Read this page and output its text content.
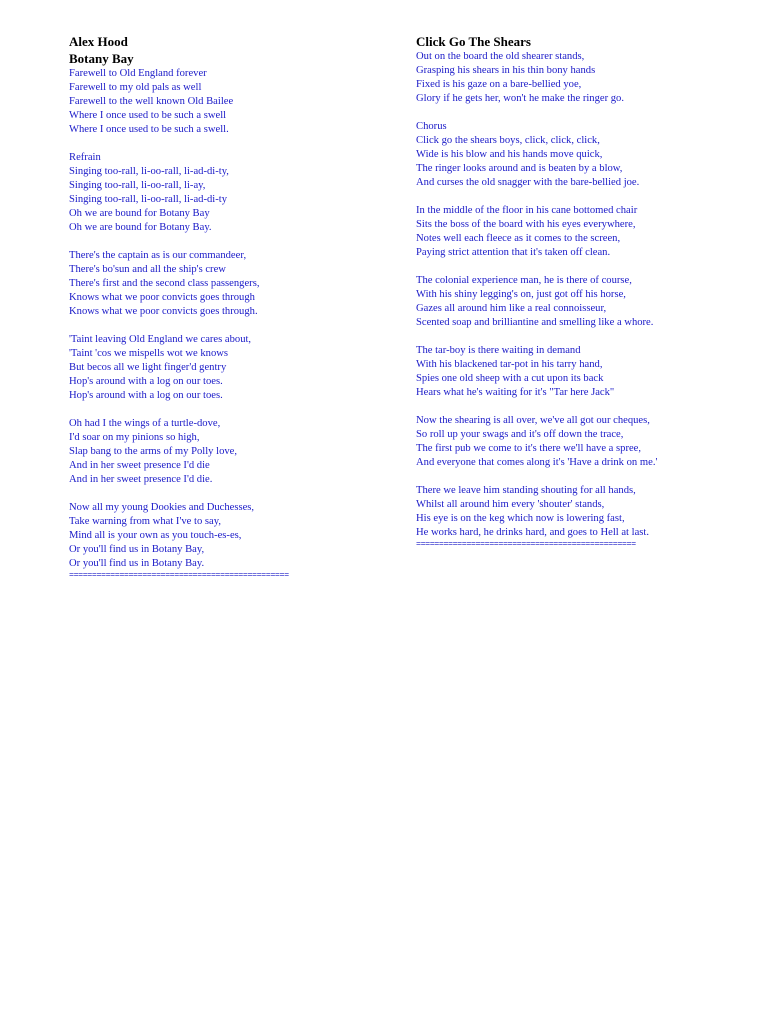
Alex Hood
Botany Bay
Farewell to Old England forever
Farewell to my old pals as well
Farewell to the well known Old Bailee
Where I once used to be such a swell
Where I once used to be such a swell.
Refrain
Singing too-rall, li-oo-rall, li-ad-di-ty,
Singing too-rall, li-oo-rall, li-ay,
Singing too-rall, li-oo-rall, li-ad-di-ty
Oh we are bound for Botany Bay
Oh we are bound for Botany Bay.
There's the captain as is our commandeer,
There's bo'sun and all the ship's crew
There's first and the second class passengers,
Knows what we poor convicts goes through
Knows what we poor convicts goes through.
'Taint leaving Old England we cares about,
'Taint 'cos we mispells wot we knows
But becos all we light finger'd gentry
Hop's around with a log on our toes.
Hop's around with a log on our toes.
Oh had I the wings of a turtle-dove,
I'd soar on my pinions so high,
Slap bang to the arms of my Polly love,
And in her sweet presence I'd die
And in her sweet presence I'd die.
Now all my young Dookies and Duchesses,
Take warning from what I've to say,
Mind all is your own as you touch-es-es,
Or you'll find us in Botany Bay,
Or you'll find us in Botany Bay.
================================================
Click Go The Shears
Out on the board the old shearer stands,
Grasping his shears in his thin bony hands
Fixed is his gaze on a bare-bellied yoe,
Glory if he gets her, won't he make the ringer go.
Chorus
Click go the shears boys, click, click, click,
Wide is his blow and his hands move quick,
The ringer looks around and is beaten by a blow,
And curses the old snagger with the bare-bellied joe.
In the middle of the floor in his cane bottomed chair
Sits the boss of the board with his eyes everywhere,
Notes well each fleece as it comes to the screen,
Paying strict attention that it's taken off clean.
The colonial experience man, he is there of course,
With his shiny legging's on, just got off his horse,
Gazes all around him like a real connoisseur,
Scented soap and brilliantine and smelling like a whore.
The tar-boy is there waiting in demand
With his blackened tar-pot in his tarry hand,
Spies one old sheep with a cut upon its back
Hears what he's waiting for it's "Tar here Jack"
Now the shearing is all over, we've all got our cheques,
So roll up your swags and it's off down the trace,
The first pub we come to it's there we'll have a spree,
And everyone that comes along it's 'Have a drink on me.'
There we leave him standing shouting for all hands,
Whilst all around him every 'shouter' stands,
His eye is on the keg which now is lowering fast,
He works hard, he drinks hard, and goes to Hell at last.
================================================
